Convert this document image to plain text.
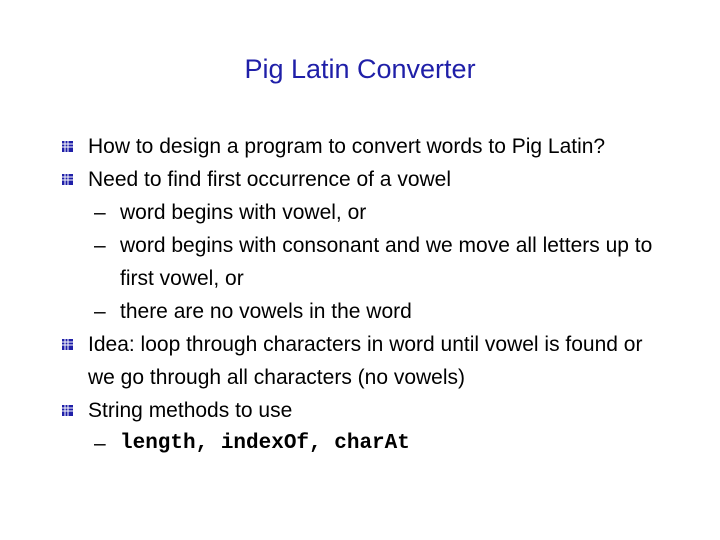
Pig Latin Converter
How to design a program to convert words to Pig Latin?
Need to find first occurrence of a vowel
– word begins with vowel, or
– word begins with consonant and we move all letters up to first vowel, or
– there are no vowels in the word
Idea: loop through characters in word until vowel is found or we go through all characters (no vowels)
String methods to use
– length, indexOf, charAt
